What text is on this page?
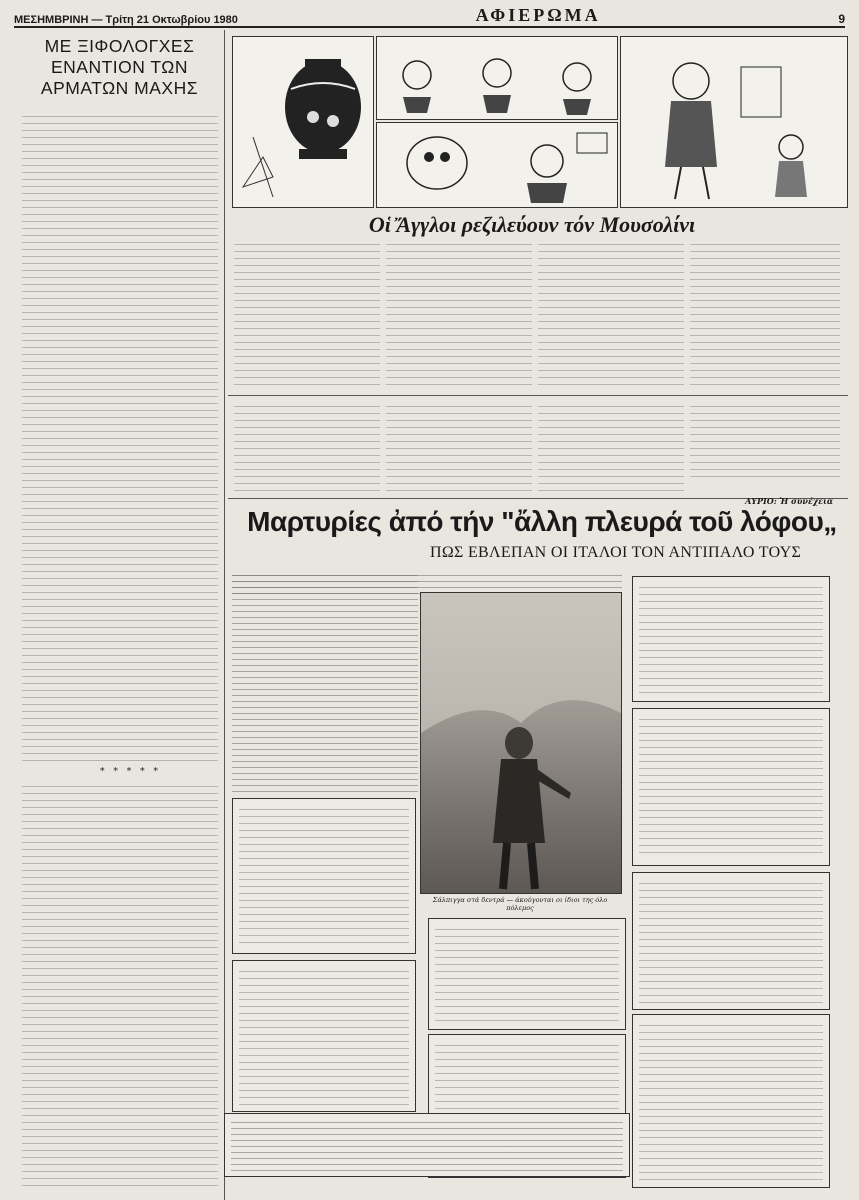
ΜΕΣΗΜΒΡΙΝΗ — Τρίτη 21 Οκτωβρίου 1980	ΑΦΙΕΡΩΜΑ	9
ΜΕ ΞΙΦΟΛΟΓΧΕΣ ΕΝΑΝΤΙΟΝ ΤΩΝ ΑΡΜΑΤΩΝ ΜΑΧΗΣ
* * * * *
Οἱ Ἄγγλοι ρεζιλεύουν τόν Μουσολίνι
ΑΥΡΙΟ: Ἡ συνέχεια
Μαρτυρίες ἀπό τήν "ἄλλη πλευρά τοῦ λόφου„
ΠΩΣ ΕΒΛΕΠΑΝ ΟΙ ΙΤΑΛΟΙ ΤΟΝ ΑΝΤΙΠΑΛΟ ΤΟΥΣ
Σάλπιγγα στά δεντρά — άκούγονται οι ίδιοι της όλο πόλεμος
